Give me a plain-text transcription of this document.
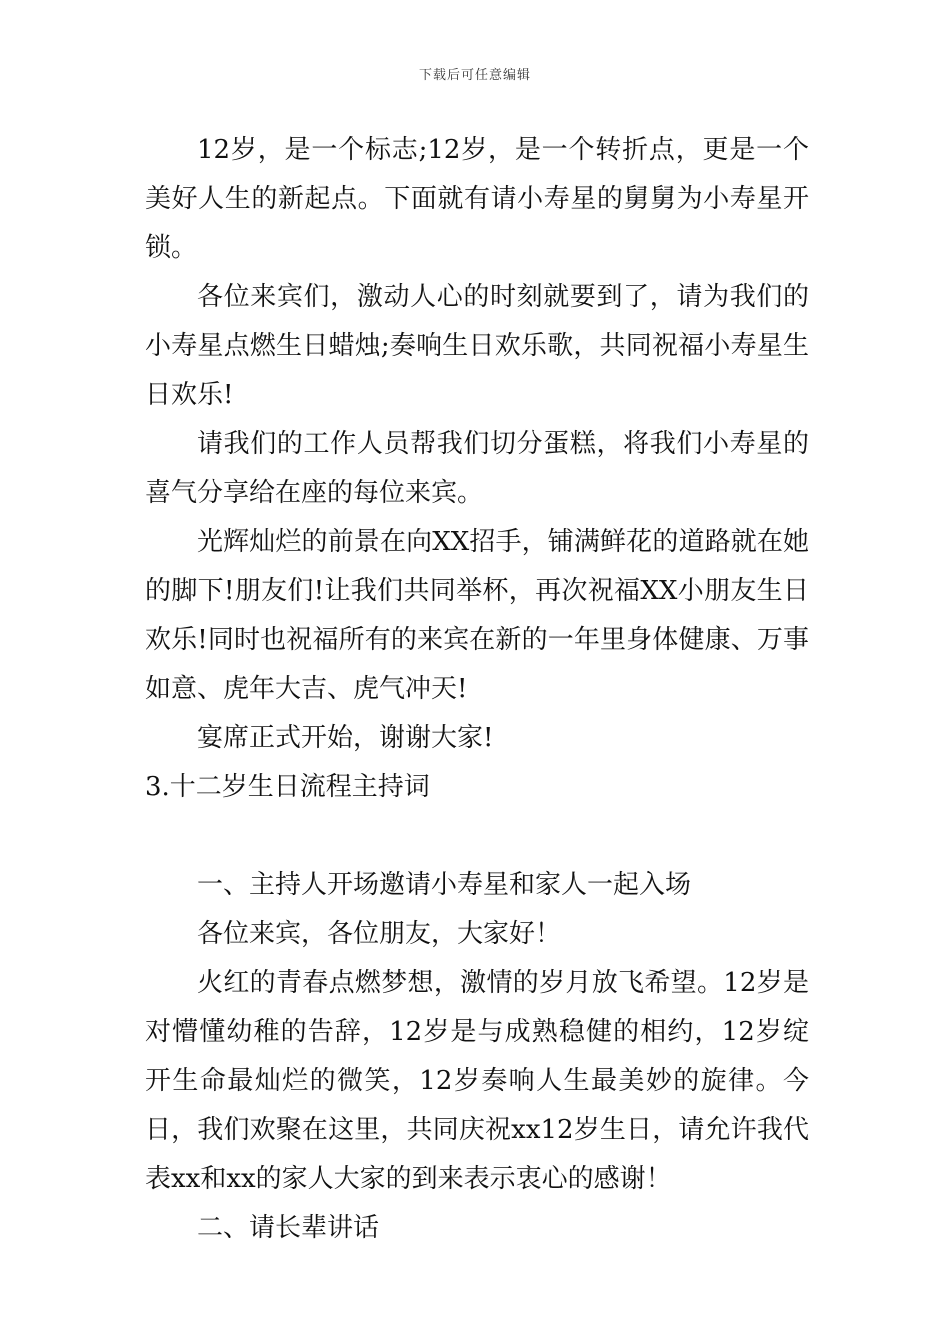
下载后可任意编辑

12岁，是一个标志;12岁，是一个转折点，更是一个美好人生的新起点。下面就有请小寿星的舅舅为小寿星开锁。

各位来宾们，激动人心的时刻就要到了，请为我们的小寿星点燃生日蜡烛;奏响生日欢乐歌，共同祝福小寿星生日欢乐!

请我们的工作人员帮我们切分蛋糕，将我们小寿星的喜气分享给在座的每位来宾。

光辉灿烂的前景在向XX招手，铺满鲜花的道路就在她的脚下!朋友们!让我们共同举杯，再次祝福XX小朋友生日欢乐!同时也祝福所有的来宾在新的一年里身体健康、万事如意、虎年大吉、虎气冲天!

宴席正式开始，谢谢大家!

3.十二岁生日流程主持词

一、主持人开场邀请小寿星和家人一起入场

各位来宾，各位朋友，大家好！

火红的青春点燃梦想，激情的岁月放飞希望。12岁是对懵懂幼稚的告辞，12岁是与成熟稳健的相约，12岁绽开生命最灿烂的微笑，12岁奏响人生最美妙的旋律。今日，我们欢聚在这里，共同庆祝xx12岁生日，请允许我代表xx和xx的家人大家的到来表示衷心的感谢！

二、请长辈讲话
